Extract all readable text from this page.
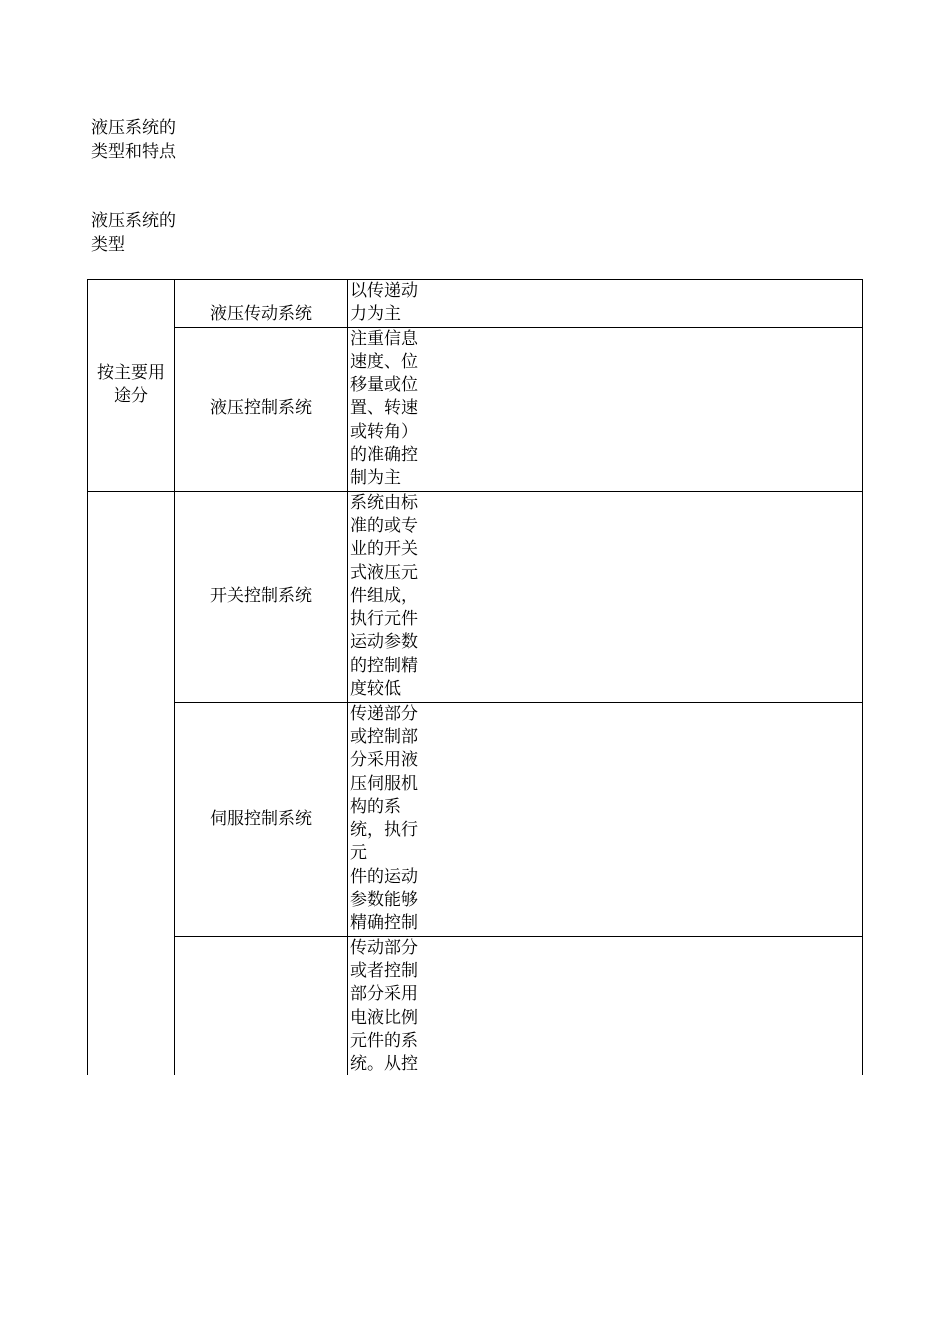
液压系统的类型和特点
液压系统的类型
按主要用途分	液压传动系统	以传递动力为主

	液压控制系统	注重信息速度、位移量或位置、转速或转角）的准确控制为主

	开关控制系统	系统由标准的或专业的开关式液压元件组成，执行元件运动参数的控制精度较低

	伺服控制系统	传递部分或控制部分采用液压伺服机构的系统，执行元
件的运动参数能够精确控制

		传动部分或者控制部分采用电液比例元件的系统。从控
